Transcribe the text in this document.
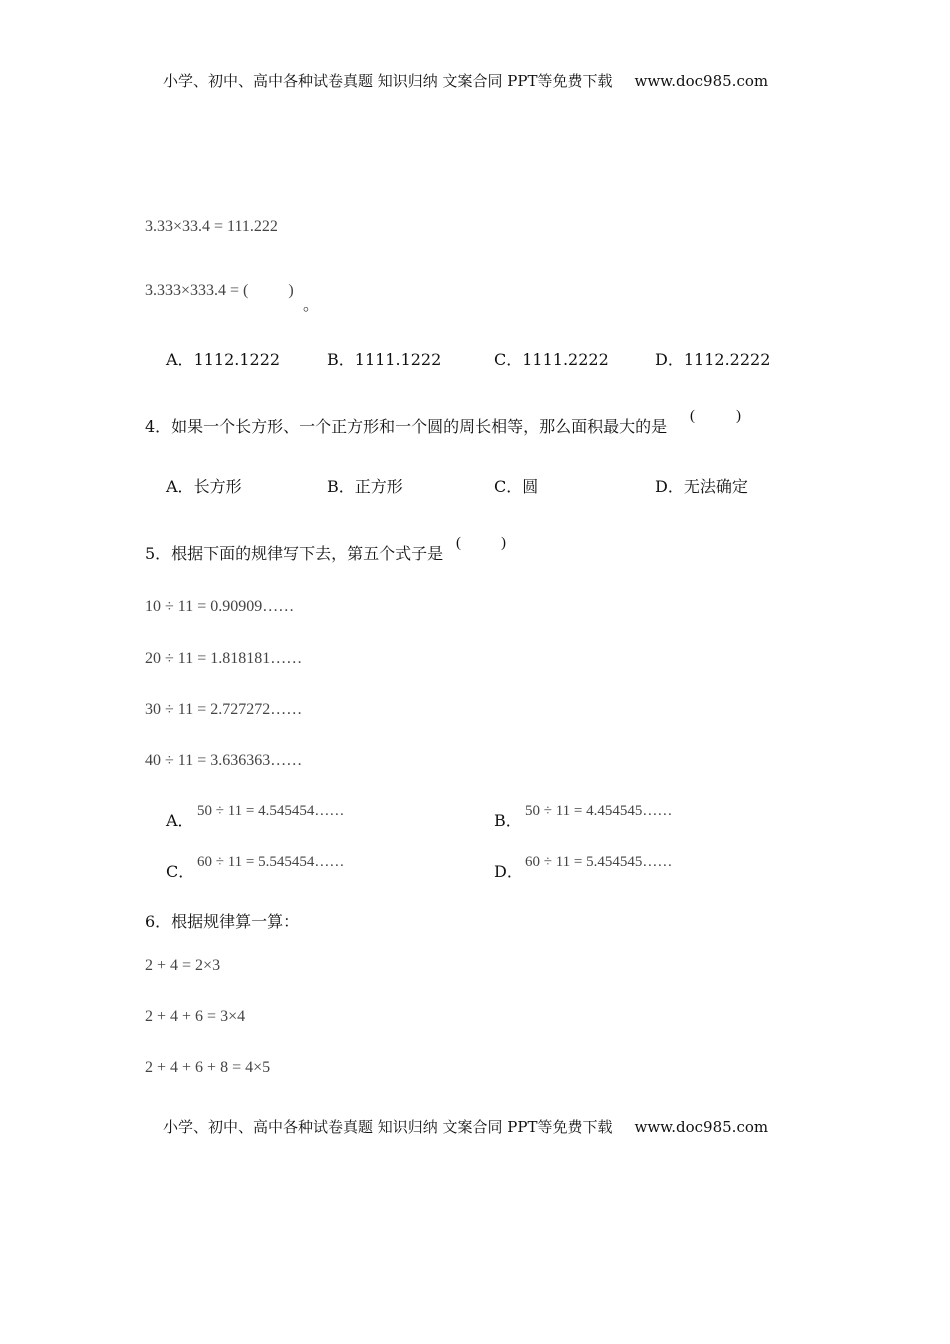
小学、初中、高中各种试卷真题 知识归纳 文案合同 PPT等免费下载 www.doc985.com
3.33×33.4 = 111.222
3.333×333.4 = (	)
。
A．1112.1222	B．1111.1222	C．1111.2222	D．1112.2222
4．如果一个长方形、一个正方形和一个圆的周长相等，那么面积最大的是
(	)
A．长方形	B．正方形	C．圆	D．无法确定
5．根据下面的规律写下去，第五个式子是
(	)
10 ÷ 11 = 0.90909……
20 ÷ 11 = 1.818181……
30 ÷ 11 = 2.727272……
40 ÷ 11 = 3.636363……
A． 50 ÷ 11 = 4.545454……	B． 50 ÷ 11 = 4.454545……
C． 60 ÷ 11 = 5.545454……	D． 60 ÷ 11 = 5.454545……
6．根据规律算一算：
2 + 4 = 2×3
2 + 4 + 6 = 3×4
2 + 4 + 6 + 8 = 4×5
小学、初中、高中各种试卷真题 知识归纳 文案合同 PPT等免费下载 www.doc985.com
